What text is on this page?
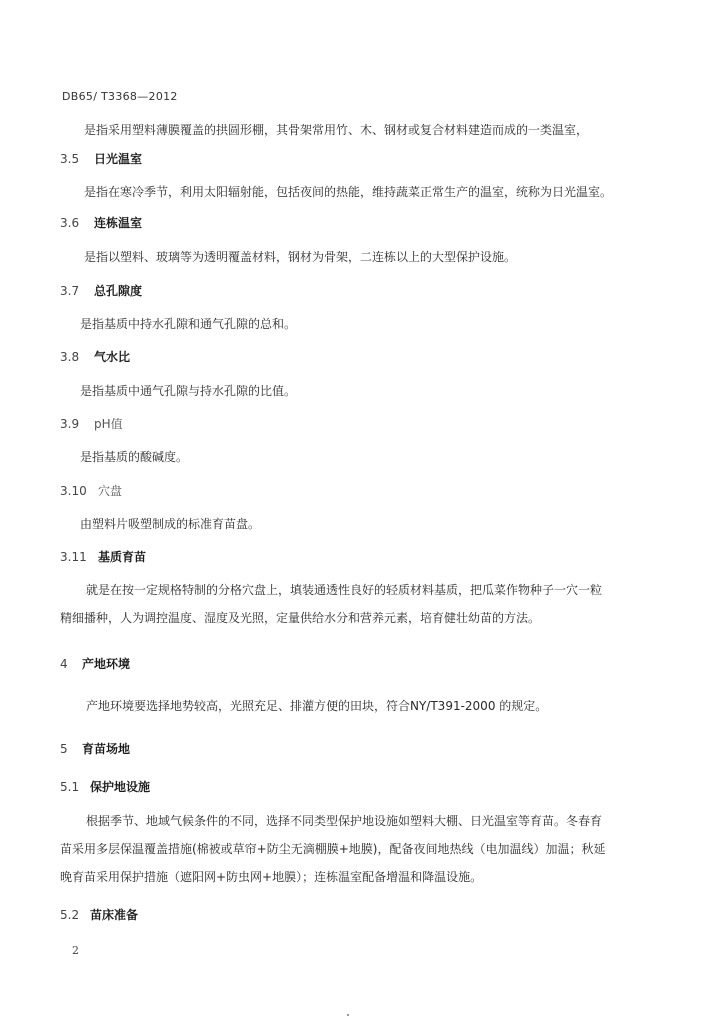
DB65/ T3368—2012
是指采用塑料薄膜覆盖的拱圆形棚，其骨架常用竹、木、钢材或复合材料建造而成的一类温室，
3.5 日光温室
是指在寒冷季节，利用太阳辐射能，包括夜间的热能，维持蔬菜正常生产的温室，统称为日光温室。
3.6 连栋温室
是指以塑料、玻璃等为透明覆盖材料，钢材为骨架，二连栋以上的大型保护设施。
3.7 总孔隙度
是指基质中持水孔隙和通气孔隙的总和。
3.8 气水比
是指基质中通气孔隙与持水孔隙的比值。
3.9 pH值
是指基质的酸碱度。
3.10 穴盘
由塑料片吸塑制成的标准育苗盘。
3.11 基质育苗
就是在按一定规格特制的分格穴盘上，填装通透性良好的轻质材料基质，把瓜菜作物种子一穴一粒
精细播种，人为调控温度、湿度及光照，定量供给水分和营养元素，培育健壮幼苗的方法。
4 产地环境
产地环境要选择地势较高，光照充足、排灌方便的田块，符合NY/T391-2000 的规定。
5 育苗场地
5.1 保护地设施
根据季节、地域气候条件的不同，选择不同类型保护地设施如塑料大棚、日光温室等育苗。冬春育
苗采用多层保温覆盖措施(棉被或草帘+防尘无滴棚膜+地膜)，配备夜间地热线（电加温线）加温；秋延
晚育苗采用保护措施（遮阳网+防虫网+地膜）；连栋温室配备增温和降温设施。
5.2 苗床准备
2
